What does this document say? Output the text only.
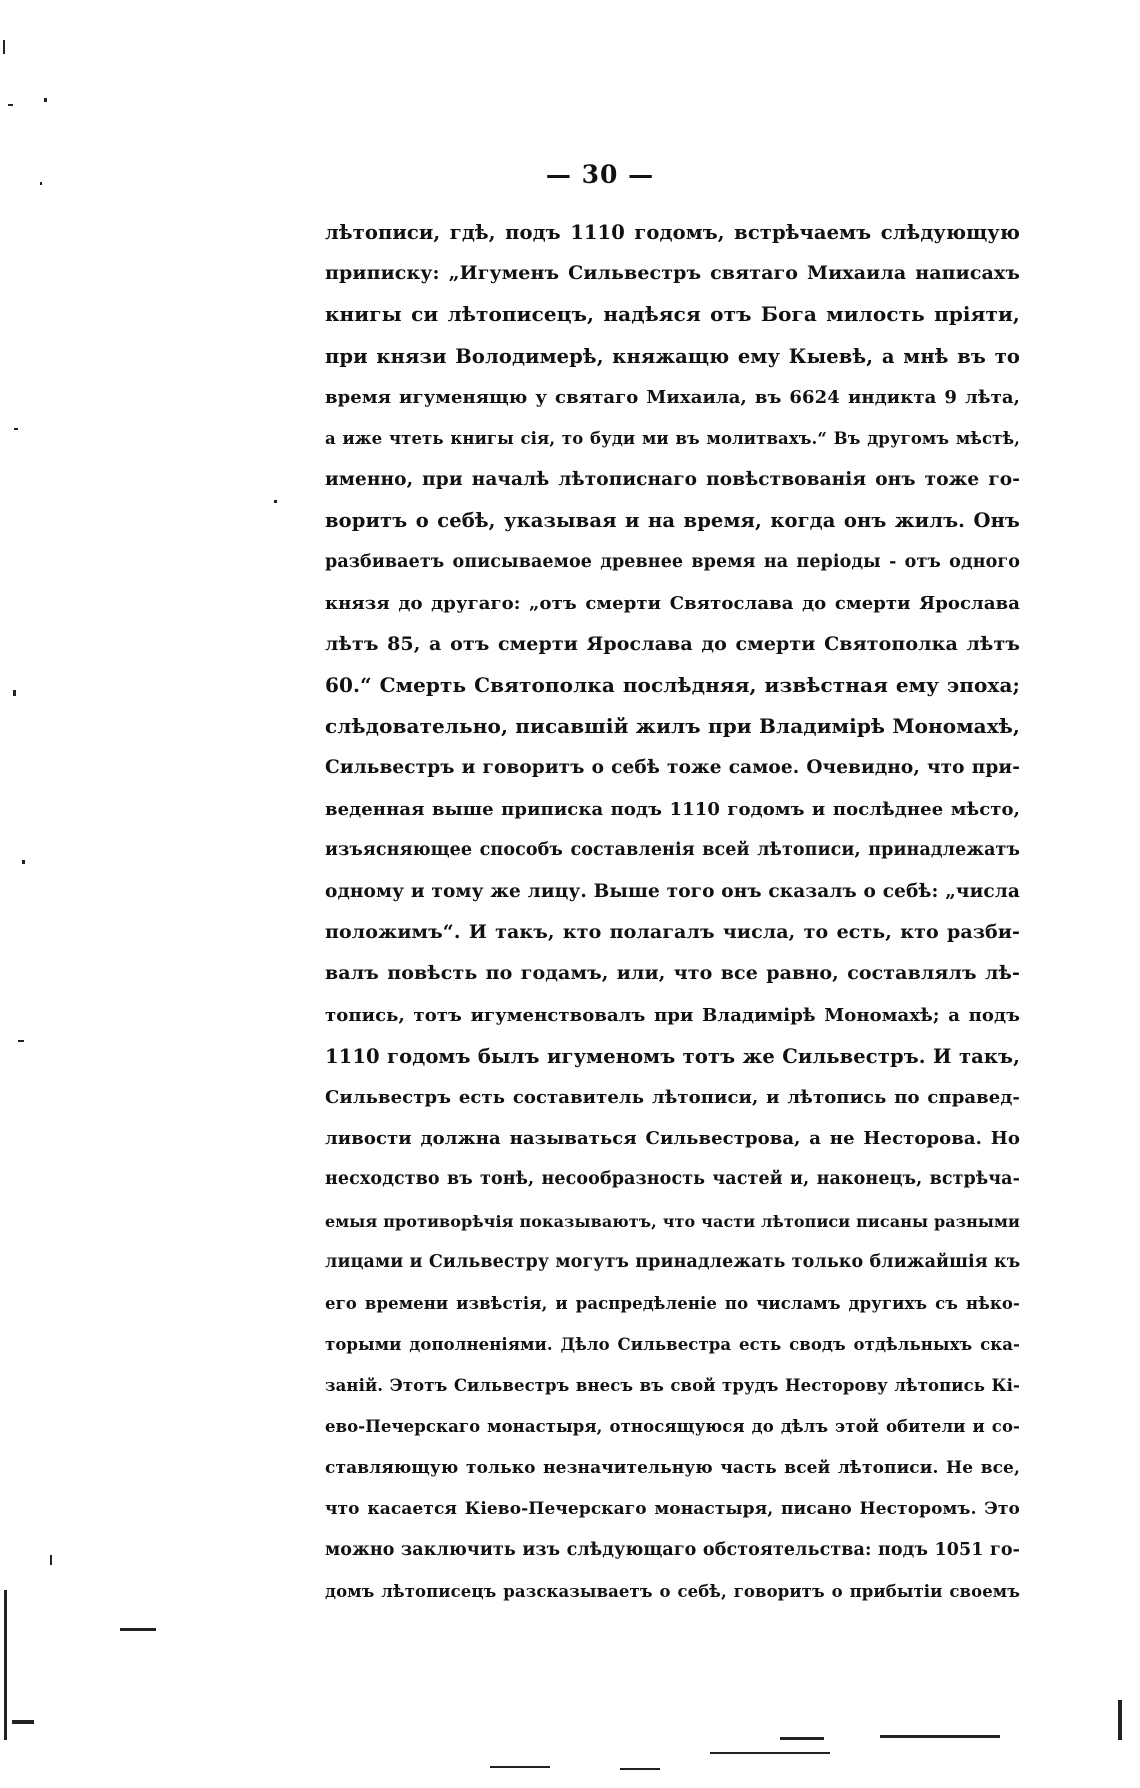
— 30 —
лѣтописи, гдѣ, подъ 1110 годомъ, встрѣчаемъ слѣдующую
приписку: „Игуменъ Сильвестръ святаго Михаила написахъ
книгы си лѣтописецъ, надѣяся отъ Бога милость пріяти,
при князи Володимерѣ, княжащю ему Кыевѣ, а мнѣ въ то
время игуменящю у святаго Михаила, въ 6624 индикта 9 лѣта,
а иже чтеть книгы сія, то буди ми въ молитвахъ.“ Въ другомъ мѣстѣ,
именно, при началѣ лѣтописнаго повѣствованія онъ тоже го-
воритъ о себѣ, указывая и на время, когда онъ жилъ. Онъ
разбиваетъ описываемое древнее время на періоды - отъ одного
князя до другаго: „отъ смерти Святослава до смерти Ярослава
лѣтъ 85, а отъ смерти Ярослава до смерти Святополка лѣтъ
60.“ Смерть Святополка послѣдняя, извѣстная ему эпоха;
слѣдовательно, писавшій жилъ при Владимірѣ Мономахѣ,
Сильвестръ и говоритъ о себѣ тоже самое. Очевидно, что при-
веденная выше приписка подъ 1110 годомъ и послѣднее мѣсто,
изъясняющее способъ составленія всей лѣтописи, принадлежатъ
одному и тому же лицу. Выше того онъ сказалъ о себѣ: „числа
положимъ“. И такъ, кто полагалъ числа, то есть, кто разби-
валъ повѣсть по годамъ, или, что все равно, составлялъ лѣ-
топись, тотъ игуменствовалъ при Владимірѣ Мономахѣ; а подъ
1110 годомъ былъ игуменомъ тотъ же Сильвестръ. И такъ,
Сильвестръ есть составитель лѣтописи, и лѣтопись по справед-
ливости должна называться Сильвестрова, а не Несторова. Но
несходство въ тонѣ, несообразность частей и, наконецъ, встрѣча-
емыя противорѣчія показываютъ, что части лѣтописи писаны разными
лицами и Сильвестру могутъ принадлежать только ближайшія къ
его времени извѣстія, и распредѣленіе по числамъ другихъ съ нѣко-
торыми дополненіями. Дѣло Сильвестра есть сводъ отдѣльныхъ ска-
заній. Этотъ Сильвестръ внесъ въ свой трудъ Несторову лѣтопись Кі-
ево-Печерскаго монастыря, относящуюся до дѣлъ этой обители и со-
ставляющую только незначительную часть всей лѣтописи. Не все,
что касается Кіево-Печерскаго монастыря, писано Несторомъ. Это
можно заключить изъ слѣдующаго обстоятельства: подъ 1051 го-
домъ лѣтописецъ разсказываетъ о себѣ, говоритъ о прибытіи своемъ
